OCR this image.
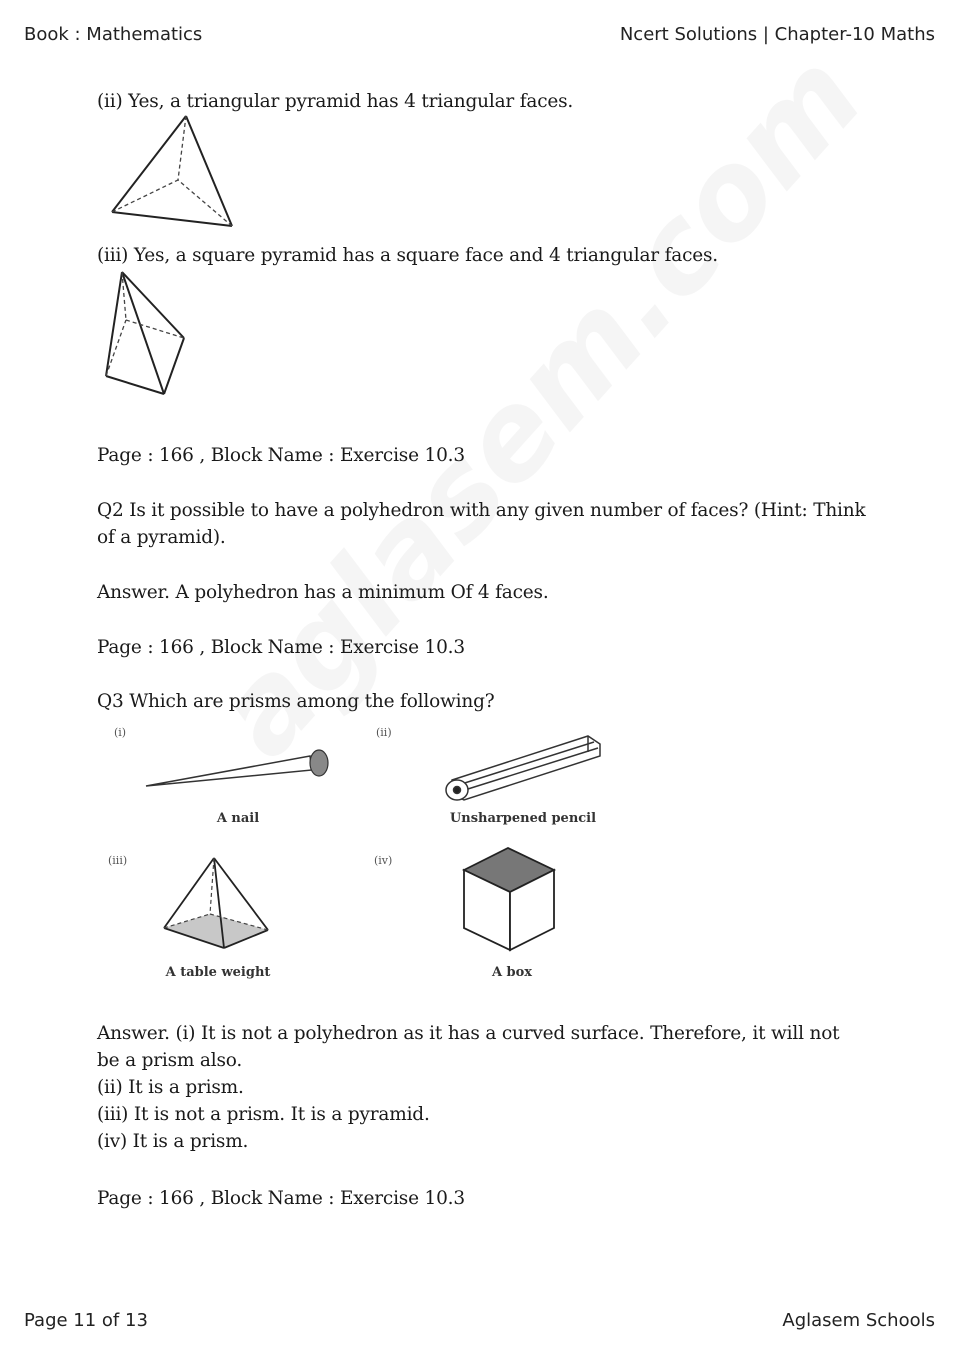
Book : Mathematics	Ncert Solutions | Chapter-10 Maths
(ii) Yes, a triangular pyramid has 4 triangular faces.
(iii) Yes, a square pyramid has a square face and 4 triangular faces.
Page : 166 , Block Name : Exercise 10.3
Q2 Is it possible to have a polyhedron with any given number of faces? (Hint: Think of a pyramid).
Answer. A polyhedron has a minimum Of 4 faces.
Page : 166 , Block Name : Exercise 10.3
Q3 Which are prisms among the following?
(i)
A nail
(ii)
Unsharpened pencil
(iii)
A table weight
(iv)
A box
Answer. (i) It is not a polyhedron as it has a curved surface. Therefore, it will not be a prism also.
(ii) It is a prism.
(iii) It is not a prism. It is a pyramid.
(iv) It is a prism.
Page : 166 , Block Name : Exercise 10.3
Page 11 of 13	Aglasem Schools
